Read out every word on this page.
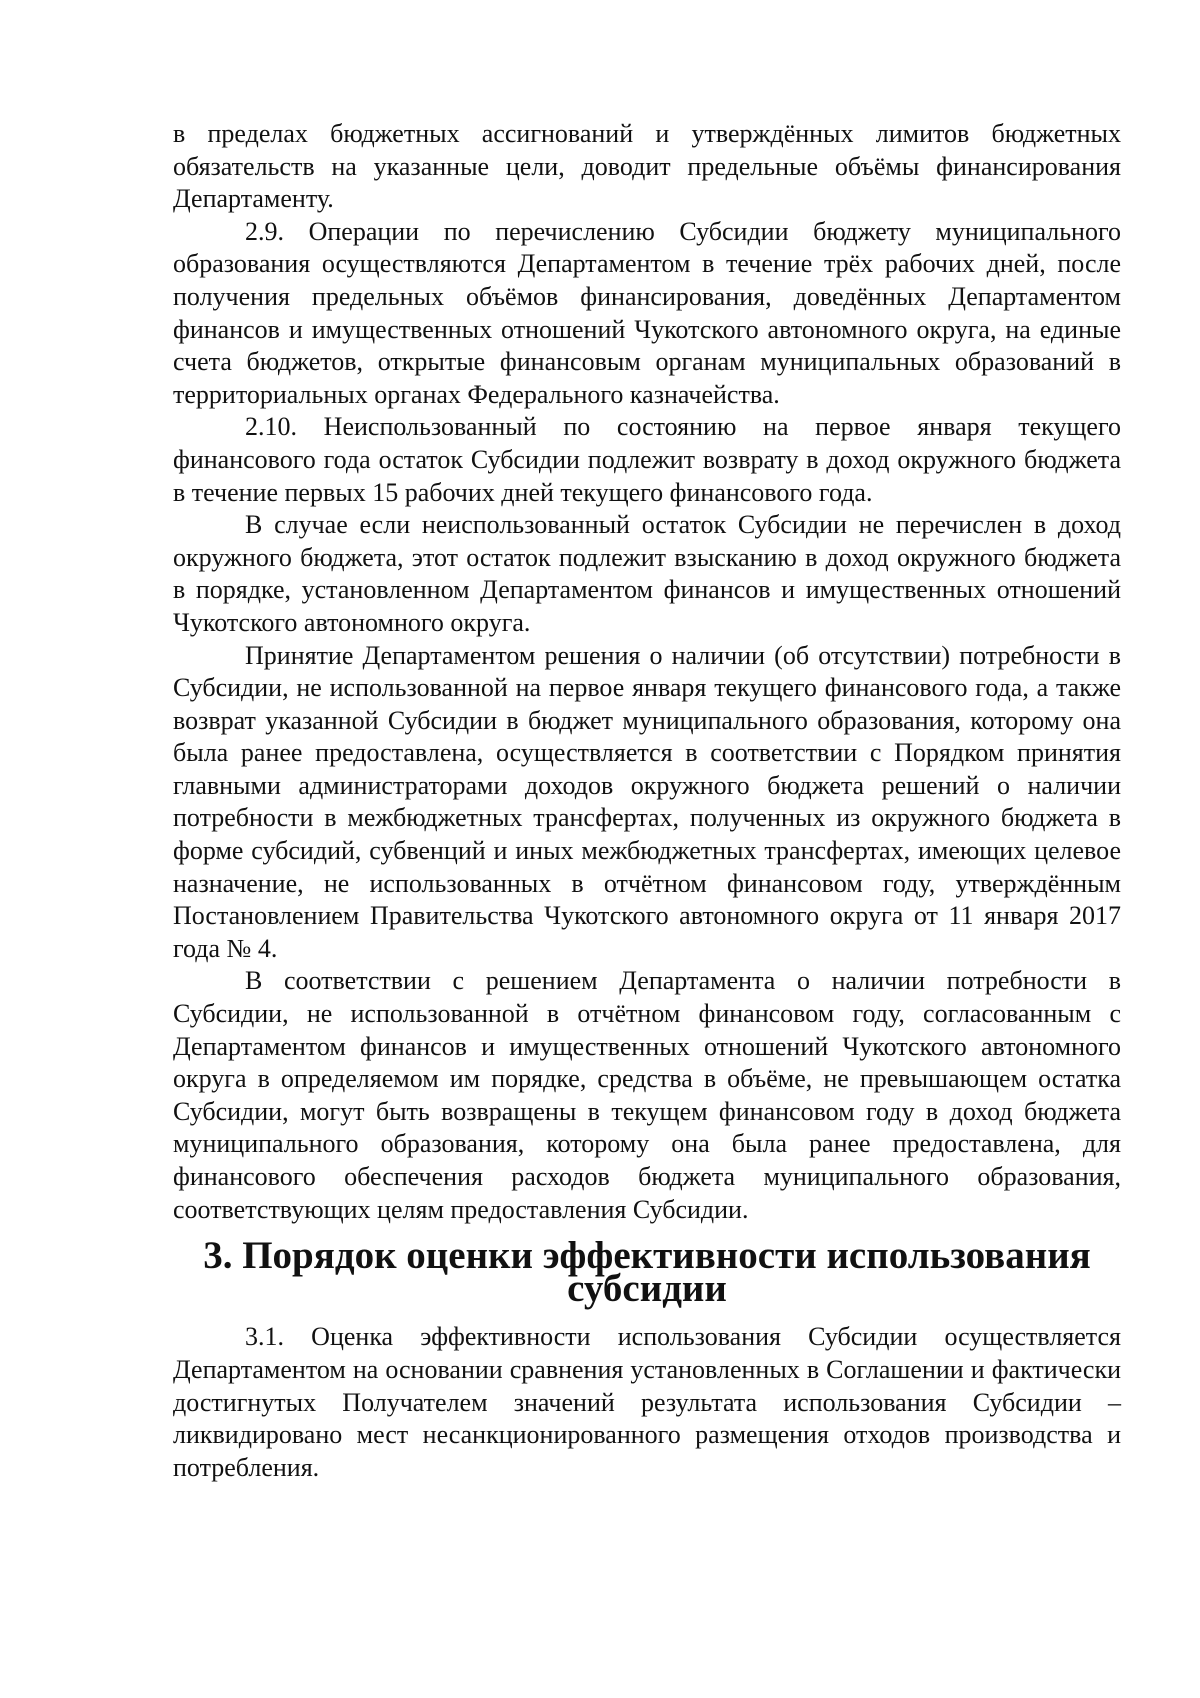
в пределах бюджетных ассигнований и утверждённых лимитов бюджетных обязательств на указанные цели, доводит предельные объёмы финансирования Департаменту.

2.9. Операции по перечислению Субсидии бюджету муниципального образования осуществляются Департаментом в течение трёх рабочих дней, после получения предельных объёмов финансирования, доведённых Департаментом финансов и имущественных отношений Чукотского автономного округа, на единые счета бюджетов, открытые финансовым органам муниципальных образований в территориальных органах Федерального казначейства.

2.10. Неиспользованный по состоянию на первое января текущего финансового года остаток Субсидии подлежит возврату в доход окружного бюджета в течение первых 15 рабочих дней текущего финансового года.

В случае если неиспользованный остаток Субсидии не перечислен в доход окружного бюджета, этот остаток подлежит взысканию в доход окружного бюджета в порядке, установленном Департаментом финансов и имущественных отношений Чукотского автономного округа.

Принятие Департаментом решения о наличии (об отсутствии) потребности в Субсидии, не использованной на первое января текущего финансового года, а также возврат указанной Субсидии в бюджет муниципального образования, которому она была ранее предоставлена, осуществляется в соответствии с Порядком принятия главными администраторами доходов окружного бюджета решений о наличии потребности в межбюджетных трансфертах, полученных из окружного бюджета в форме субсидий, субвенций и иных межбюджетных трансфертах, имеющих целевое назначение, не использованных в отчётном финансовом году, утверждённым Постановлением Правительства Чукотского автономного округа от 11 января 2017 года № 4.

В соответствии с решением Департамента о наличии потребности в Субсидии, не использованной в отчётном финансовом году, согласованным с Департаментом финансов и имущественных отношений Чукотского автономного округа в определяемом им порядке, средства в объёме, не превышающем остатка Субсидии, могут быть возвращены в текущем финансовом году в доход бюджета муниципального образования, которому она была ранее предоставлена, для финансового обеспечения расходов бюджета муниципального образования, соответствующих целям предоставления Субсидии.

3. Порядок оценки эффективности использования субсидии

3.1. Оценка эффективности использования Субсидии осуществляется Департаментом на основании сравнения установленных в Соглашении и фактически достигнутых Получателем значений результата использования Субсидии – ликвидировано мест несанкционированного размещения отходов производства и потребления.
